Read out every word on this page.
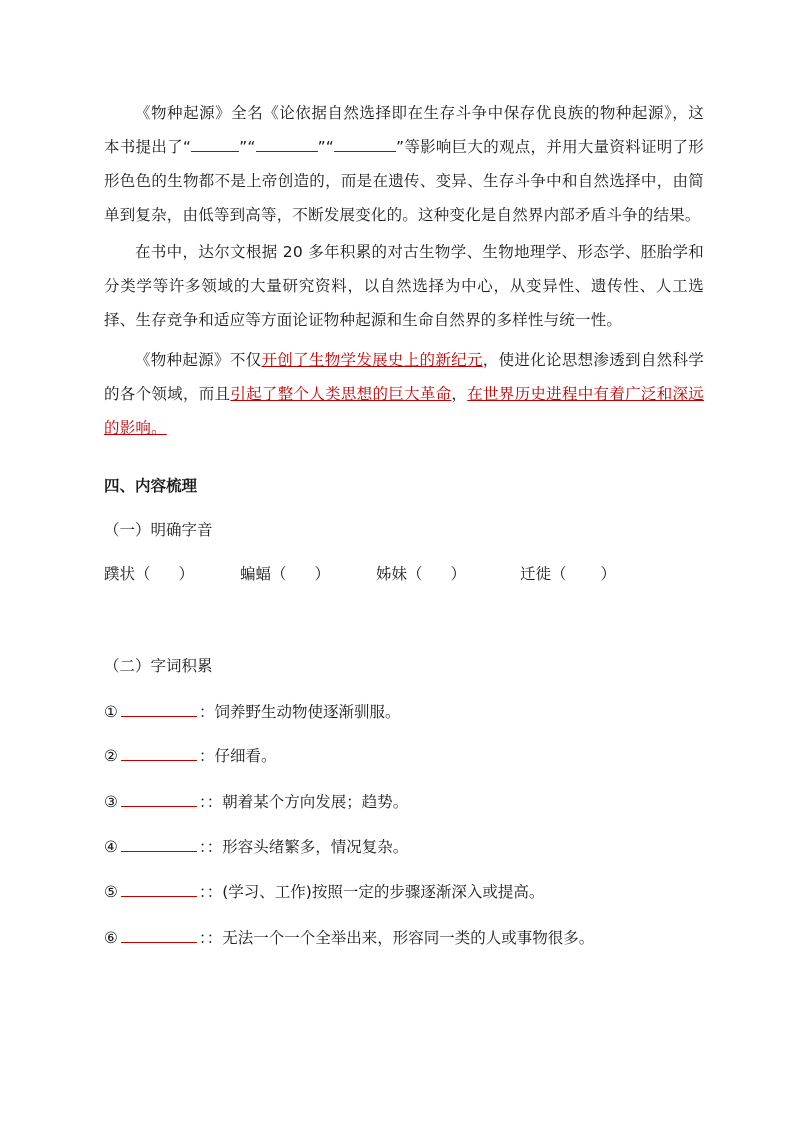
《物种起源》全名《论依据自然选择即在生存斗争中保存优良族的物种起源》，这本书提出了“	”“	”“	”等影响巨大的观点，并用大量资料证明了形形色色的生物都不是上帝创造的，而是在遗传、变异、生存斗争中和自然选择中，由简单到复杂，由低等到高等，不断发展变化的。这种变化是自然界内部矛盾斗争的结果。

在书中，达尔文根据 20 多年积累的对古生物学、生物地理学、形态学、胚胎学和分类学等许多领域的大量研究资料，以自然选择为中心，从变异性、遗传性、人工选择、生存竞争和适应等方面论证物种起源和生命自然界的多样性与统一性。

《物种起源》不仅开创了生物学发展史上的新纪元，使进化论思想渗透到自然科学的各个领域，而且引起了整个人类思想的巨大革命，在世界历史进程中有着广泛和深远的影响。

四、内容梳理

（一）明确字音

蹼状（ ）	蝙蝠（ ）	姊妹（ ）	迁徙（ ）

（二）字词积累

①	：饲养野生动物使逐渐驯服。
②	：仔细看。
③	：：朝着某个方向发展；趋势。
④	：：形容头绪繁多，情况复杂。
⑤	：：(学习、工作)按照一定的步骤逐渐深入或提高。
⑥	：：无法一个一个全举出来，形容同一类的人或事物很多。
